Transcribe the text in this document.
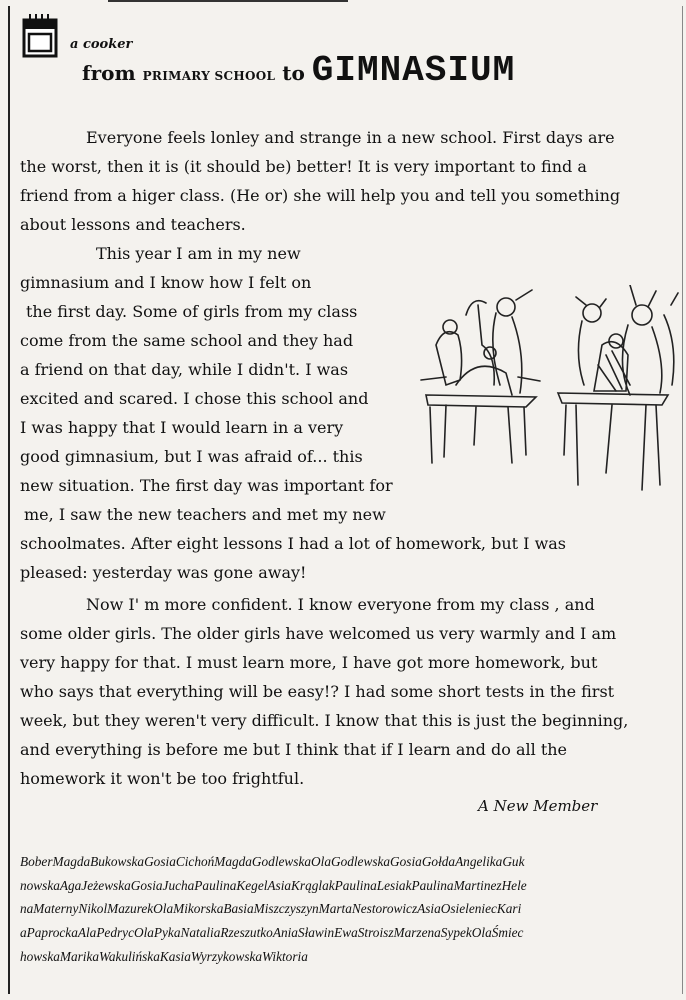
a cooker
from PRIMARY SCHOOL to GIMNASIUM
Everyone feels lonley and strange in a new school. First days are
the worst, then it is (it should be) better! It is very important to find a
friend from a higer class. (He or) she will help you and tell you something
about lessons and teachers.
This year I am in my new
gimnasium and I know how I felt on
the first day. Some of girls from my class
come from the same school and they had
a friend on that day, while I didn't. I was
excited and scared. I chose this school and
I was happy that I would learn in a very
good gimnasium, but I was afraid of... this
new situation. The first day was important for
me, I saw the new teachers and met my new
schoolmates. After eight lessons I had a lot of homework, but I was
pleased: yesterday was gone away!
Now I' m more confident. I know everyone from my class , and
some older girls. The older girls have welcomed us very warmly and I am
very happy for that. I must learn more, I have got more homework, but
who says that everything will be easy!? I had some short tests in the first
week, but they weren't very difficult. I know that this is just the beginning,
and everything is before me but I think that if I learn and do all the
homework it won't be too frightful.
A New Member
BoberMagdaBukowskaGosiaCichońMagdaGodlewskaOlaGodlewskaGosiaGołdaAngelikaGuk
nowskaAgaJeżewskaGosiaJuchaPaulinaKegelAsiaKrąglakPaulinaLesiakPaulinaMartinezHele
naMaternyNikolMazurekOlaMikorskaBasiaMiszczyszynMartaNestorowiczAsiaOsieleniecKari
aPaprockaAlaPedrycOlaPykaNataliaRzeszutkoAniaSławinEwaStroiszMarzenaSypekOlaŚmiec
howskaMarikaWakulińskaKasiaWyrzykowskaWiktoria
